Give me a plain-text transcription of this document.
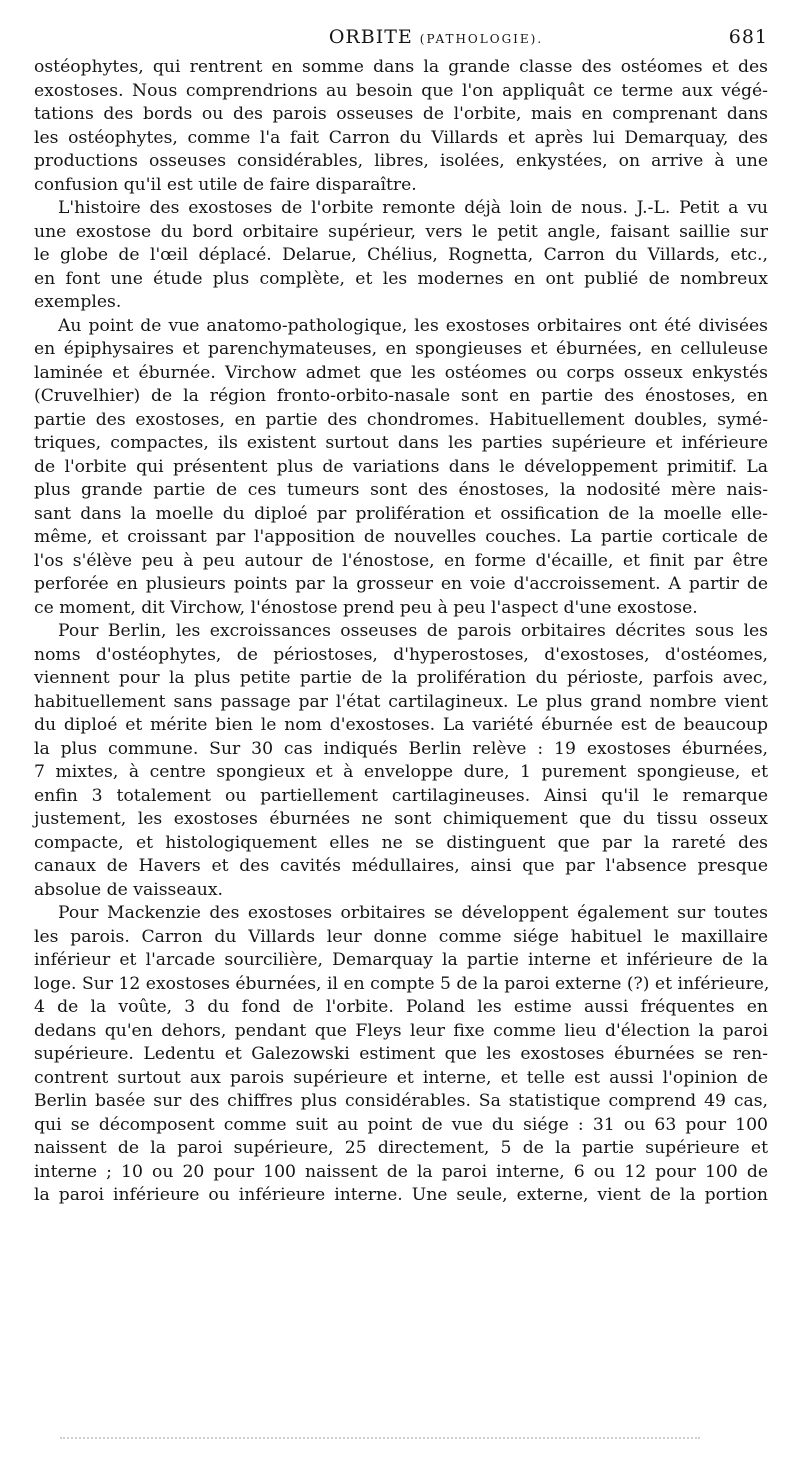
ORBITE (PATHOLOGIE).	681
ostéophytes, qui rentrent en somme dans la grande classe des ostéomes et des
exostoses. Nous comprendrions au besoin que l'on appliquât ce terme aux végé-
tations des bords ou des parois osseuses de l'orbite, mais en comprenant dans
les ostéophytes, comme l'a fait Carron du Villards et après lui Demarquay, des
productions osseuses considérables, libres, isolées, enkystées, on arrive à une
confusion qu'il est utile de faire disparaître.
L'histoire des exostoses de l'orbite remonte déjà loin de nous. J.-L. Petit a vu
une exostose du bord orbitaire supérieur, vers le petit angle, faisant saillie sur
le globe de l'œil déplacé. Delarue, Chélius, Rognetta, Carron du Villards, etc.,
en font une étude plus complète, et les modernes en ont publié de nombreux
exemples.
Au point de vue anatomo-pathologique, les exostoses orbitaires ont été divisées
en épiphysaires et parenchymateuses, en spongieuses et éburnées, en celluleuse
laminée et éburnée. Virchow admet que les ostéomes ou corps osseux enkystés
(Cruvelhier) de la région fronto-orbito-nasale sont en partie des énostoses, en
partie des exostoses, en partie des chondromes. Habituellement doubles, symé-
triques, compactes, ils existent surtout dans les parties supérieure et inférieure
de l'orbite qui présentent plus de variations dans le développement primitif. La
plus grande partie de ces tumeurs sont des énostoses, la nodosité mère nais-
sant dans la moelle du diploé par prolifération et ossification de la moelle elle-
même, et croissant par l'apposition de nouvelles couches. La partie corticale de
l'os s'élève peu à peu autour de l'énostose, en forme d'écaille, et finit par être
perforée en plusieurs points par la grosseur en voie d'accroissement. A partir de
ce moment, dit Virchow, l'énostose prend peu à peu l'aspect d'une exostose.
Pour Berlin, les excroissances osseuses de parois orbitaires décrites sous les
noms d'ostéophytes, de périostoses, d'hyperostoses, d'exostoses, d'ostéomes,
viennent pour la plus petite partie de la prolifération du périoste, parfois avec,
habituellement sans passage par l'état cartilagineux. Le plus grand nombre vient
du diploé et mérite bien le nom d'exostoses. La variété éburnée est de beaucoup
la plus commune. Sur 30 cas indiqués Berlin relève : 19 exostoses éburnées,
7 mixtes, à centre spongieux et à enveloppe dure, 1 purement spongieuse, et
enfin 3 totalement ou partiellement cartilagineuses. Ainsi qu'il le remarque
justement, les exostoses éburnées ne sont chimiquement que du tissu osseux
compacte, et histologiquement elles ne se distinguent que par la rareté des
canaux de Havers et des cavités médullaires, ainsi que par l'absence presque
absolue de vaisseaux.
Pour Mackenzie des exostoses orbitaires se développent également sur toutes
les parois. Carron du Villards leur donne comme siége habituel le maxillaire
inférieur et l'arcade sourcilière, Demarquay la partie interne et inférieure de la
loge. Sur 12 exostoses éburnées, il en compte 5 de la paroi externe (?) et inférieure,
4 de la voûte, 3 du fond de l'orbite. Poland les estime aussi fréquentes en
dedans qu'en dehors, pendant que Fleys leur fixe comme lieu d'élection la paroi
supérieure. Ledentu et Galezowski estiment que les exostoses éburnées se ren-
contrent surtout aux parois supérieure et interne, et telle est aussi l'opinion de
Berlin basée sur des chiffres plus considérables. Sa statistique comprend 49 cas,
qui se décomposent comme suit au point de vue du siége : 31 ou 63 pour 100
naissent de la paroi supérieure, 25 directement, 5 de la partie supérieure et
interne ; 10 ou 20 pour 100 naissent de la paroi interne, 6 ou 12 pour 100 de
la paroi inférieure ou inférieure interne. Une seule, externe, vient de la portion
